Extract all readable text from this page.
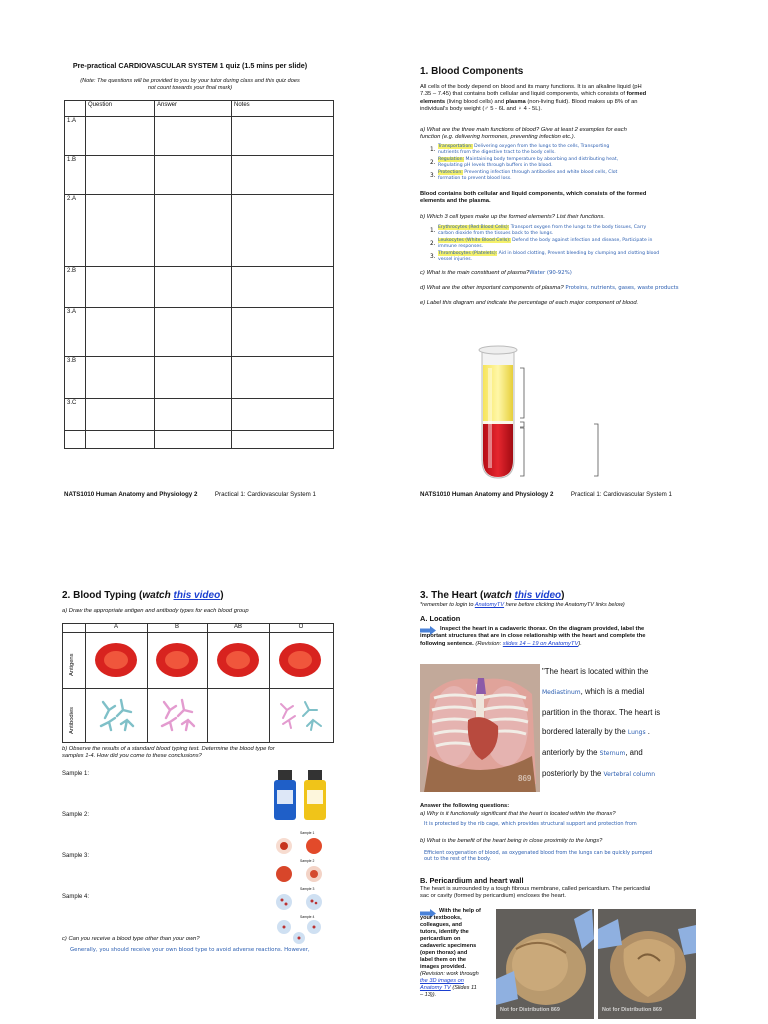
Pre-practical CARDIOVASCULAR SYSTEM 1 quiz (1.5 mins per slide)
(Note: The questions will be provided to you by your tutor during class and this quiz does
not count towards your final mark)
	Question	Answer	Notes
1.A			
1.B			
2.A			
2.B			
3.A			
3.B			
3.C			

NATS1010 Human Anatomy and Physiology 2	Practical 1: Cardiovascular System 1
1. Blood Components
All cells of the body depend on blood and its many functions. It is an alkaline liquid (pH
7.35 – 7.45) that contains both cellular and liquid components, which consists of formed
elements (living blood cells) and plasma (non-living fluid). Blood makes up 8% of an
individual's body weight (♂ 5 - 6L and ♀ 4 - 5L).
a) What are the three main functions of blood? Give at least 2 examples for each
function (e.g. delivering hormones, preventing infection etc.).
1.
Transportation: Delivering oxygen from the lungs to the cells, Transporting
nutrients from the digestive tract to the body cells.
2.
Regulation: Maintaining body temperature by absorbing and distributing heat,
Regulating pH levels through buffers in the blood.
3.
Protection: Preventing infection through antibodies and white blood cells, Clot
formation to prevent blood loss.
Blood contains both cellular and liquid components, which consists of the formed
elements and the plasma.
b) Which 3 cell types make up the formed elements? List their functions.
1.
Erythrocytes (Red Blood Cells): Transport oxygen from the lungs to the body tissues, Carry
carbon dioxide from the tissues back to the lungs.
2.
Leukocytes (White Blood Cells): Defend the body against infection and disease, Participate in
immune responses.
3.
Thrombocytes (Platelets): Aid in blood clotting, Prevent bleeding by clumping and clotting blood
vessel injuries.
c) What is the main constituent of plasma?Water (90-92%)
d) What are the other important components of plasma? Proteins, nutrients, gases, waste products
e) Label this diagram and indicate the percentage of each major component of blood.
NATS1010 Human Anatomy and Physiology 2	Practical 1: Cardiovascular System 1
2. Blood Typing (watch this video)
a) Draw the appropriate antigen and antibody types for each blood group
A	B	AB	O
Antigens
Antibodies
b) Observe the results of a standard blood typing test. Determine the blood type for
samples 1-4. How did you come to these conclusions?
Sample 1:
Sample 2:
Sample 3:
Sample 4:
Sample 1
Sample 2
Sample 3
Sample 4
c) Can you receive a blood type other than your own?
Generally, you should receive your own blood type to avoid adverse reactions. However,
3. The Heart (watch this video)
*remember to login to AnatomyTV here before clicking the AnatomyTV links below)
A. Location
Inspect the heart in a cadaveric thorax. On the diagram provided, label the
important structures that are in close relationship with the heart and complete the
following sentence. (Revision: slides 14 – 19 on AnatomyTV).
869
"The heart is located within the
Mediastinum, which is a medial
partition in the thorax. The heart is
bordered laterally by the Lungs .
anteriorly by the Sternum, and
posteriorly by the Vertebral column
Answer the following questions:
a) Why is it functionally significant that the heart is located within the thorax?
It is protected by the rib cage, which provides structural support and protection from
b) What is the benefit of the heart being in close proximity to the lungs?
Efficient oxygenation of blood, as oxygenated blood from the lungs can be quickly pumped
out to the rest of the body.
B. Pericardium and heart wall
The heart is surrounded by a tough fibrous membrane, called pericardium. The pericardial
sac or cavity (formed by pericardium) encloses the heart.
With the help of
your textbooks,
colleagues, and
tutors, identify the
pericardium on
cadaveric specimens
(open thorax) and
label them on the
images provided.
(Revision: work through
the 3D images on
Anatomy TV (Slides 11
– 13)).
Not for Distribution 869	Not for Distribution 869
